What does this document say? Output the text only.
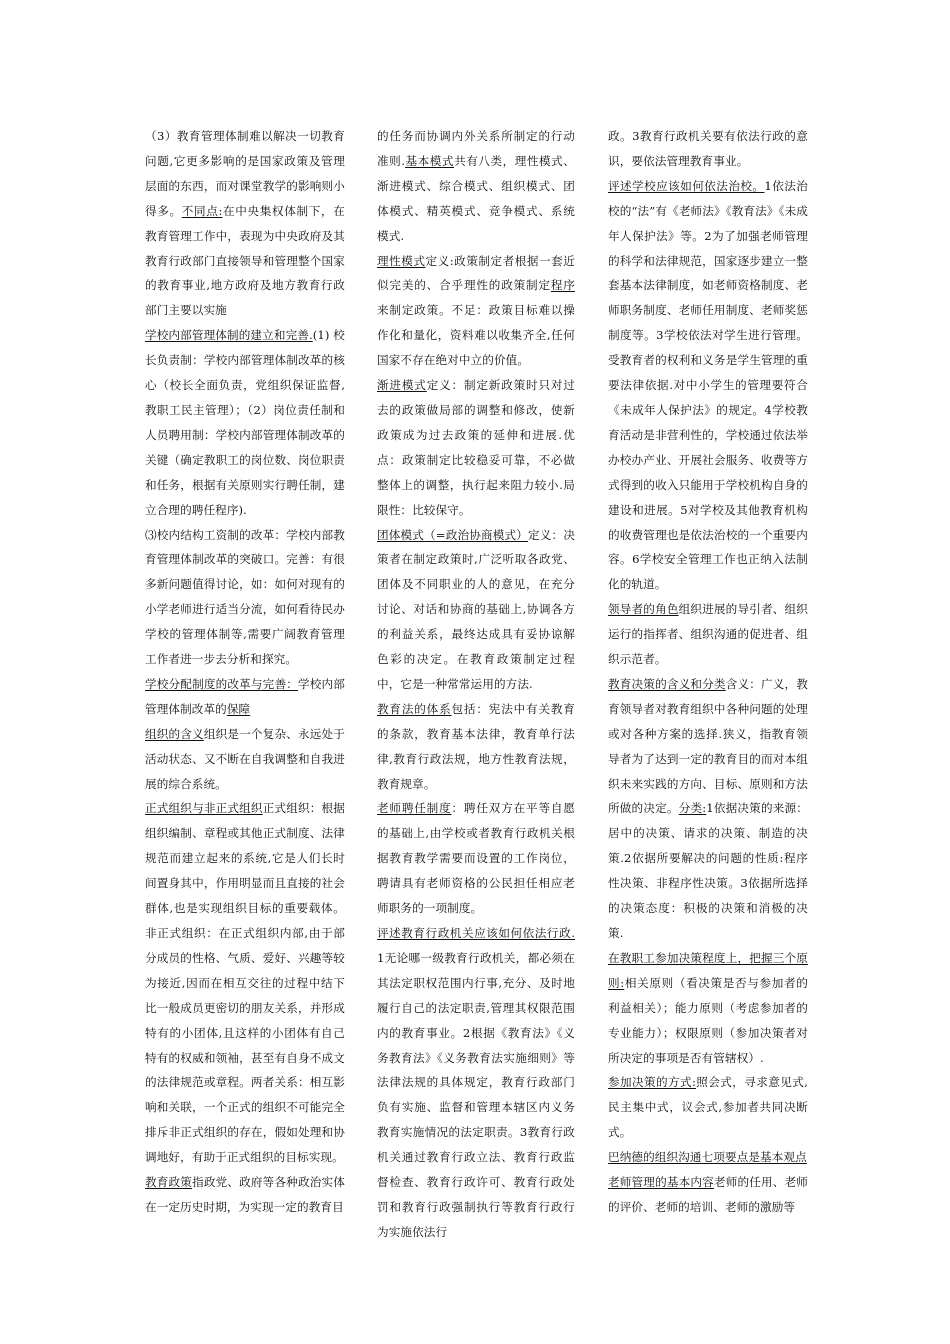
（3）教育管理体制难以解决一切教育问题,它更多影响的是国家政策及管理层面的东西，而对课堂教学的影响则小得多。不同点:在中央集权体制下，在教育管理工作中，表现为中央政府及其教育行政部门直接领导和管理整个国家的教育事业,地方政府及地方教育行政部门主要以实施

学校内部管理体制的建立和完善.(1) 校长负责制：学校内部管理体制改革的核心（校长全面负责，党组织保证监督,教职工民主管理）；（2）岗位责任制和人员聘用制：学校内部管理体制改革的关键（确定教职工的岗位数、岗位职责和任务，根据有关原则实行聘任制，建立合理的聘任程序).

⑶校内结构工资制的改革：学校内部教育管理体制改革的突破口。完善：有很多新问题值得讨论，如：如何对现有的小学老师进行适当分流，如何看待民办学校的管理体制等,需要广阔教育管理工作者进一步去分析和探究。

学校分配制度的改革与完善：学校内部管理体制改革的保障

组织的含义组织是一个复杂、永远处于活动状态、又不断在自我调整和自我进展的综合系统。

正式组织与非正式组织正式组织：根据组织编制、章程或其他正式制度、法律规范而建立起来的系统,它是人们长时间置身其中，作用明显而且直接的社会群体,也是实现组织目标的重要载体。非正式组织：在正式组织内部,由于部分成员的性格、气质、爱好、兴趣等较为接近,因而在相互交往的过程中结下比一般成员更密切的朋友关系，并形成特有的小团体,且这样的小团体有自己特有的权威和领袖，甚至有自身不成文的法律规范或章程。两者关系：相互影响和关联，一个正式的组织不可能完全排斥非正式组织的存在，假如处理和协调地好，有助于正式组织的目标实现。

教育政策指政党、政府等各种政治实体在一定历史时期，为实现一定的教育目

的任务而协调内外关系所制定的行动准则.基本模式共有八类，理性模式、渐进模式、综合模式、组织模式、团体模式、精英模式、竞争模式、系统模式.

理性模式定义:政策制定者根据一套近似完美的、合乎理性的政策制定程序来制定政策。不足：政策目标难以操作化和量化，资料难以收集齐全,任何国家不存在绝对中立的价值。

渐进模式定义：制定新政策时只对过去的政策做局部的调整和修改，使新政策成为过去政策的延伸和进展.优点：政策制定比较稳妥可靠，不必做整体上的调整，执行起来阻力较小.局限性：比较保守。

团体模式（=政治协商模式）定义：决策者在制定政策时,广泛听取各政党、团体及不同职业的人的意见，在充分讨论、对话和协商的基础上,协调各方的利益关系，最终达成具有妥协谅解色彩的决定。在教育政策制定过程中，它是一种常常运用的方法.

教育法的体系包括：宪法中有关教育的条款，教育基本法律，教育单行法律,教育行政法规，地方性教育法规，教育规章。

老师聘任制度：聘任双方在平等自愿的基础上,由学校或者教育行政机关根据教育教学需要而设置的工作岗位，聘请具有老师资格的公民担任相应老师职务的一项制度。

评述教育行政机关应该如何依法行政.1无论哪一级教育行政机关，都必须在其法定职权范围内行事,充分、及时地履行自己的法定职责,管理其权限范围内的教育事业。2根据《教育法》《义务教育法》《义务教育法实施细则》等法律法规的具体规定，教育行政部门负有实施、监督和管理本辖区内义务教育实施情况的法定职责。3教育行政机关通过教育行政立法、教育行政监督检查、教育行政许可、教育行政处罚和教育行政强制执行等教育行政行为实施依法行

政。3教育行政机关要有依法行政的意识，要依法管理教育事业。

评述学校应该如何依法治校。1依法治校的“法”有《老师法》《教育法》《未成年人保护法》等。2为了加强老师管理的科学和法律规范，国家逐步建立一整套基本法律制度，如老师资格制度、老师职务制度、老师任用制度、老师奖惩制度等。3学校依法对学生进行管理。受教育者的权利和义务是学生管理的重要法律依据.对中小学生的管理要符合《未成年人保护法》的规定。4学校教育活动是非营利性的，学校通过依法举办校办产业、开展社会服务、收费等方式得到的收入只能用于学校机构自身的建设和进展。5对学校及其他教育机构的收费管理也是依法治校的一个重要内容。6学校安全管理工作也正纳入法制化的轨道。

领导者的角色组织进展的导引者、组织运行的指挥者、组织沟通的促进者、组织示范者。

教育决策的含义和分类含义：广义，教育领导者对教育组织中各种问题的处理或对各种方案的选择.狭义，指教育领导者为了达到一定的教育目的而对本组织未来实践的方向、目标、原则和方法所做的决定。分类:1依据决策的来源：居中的决策、请求的决策、制造的决策.2依据所要解决的问题的性质:程序性决策、非程序性决策。3依据所选择的决策态度：积极的决策和消极的决策.

在教职工参加决策程度上，把握三个原则:相关原则（看决策是否与参加者的利益相关）；能力原则（考虑参加者的专业能力）；权限原则（参加决策者对所决定的事项是否有管辖权）.

参加决策的方式:照会式，寻求意见式,民主集中式，议会式,参加者共同决断式。

巴纳德的组织沟通七项要点是基本观点

老师管理的基本内容老师的任用、老师的评价、老师的培训、老师的激励等
